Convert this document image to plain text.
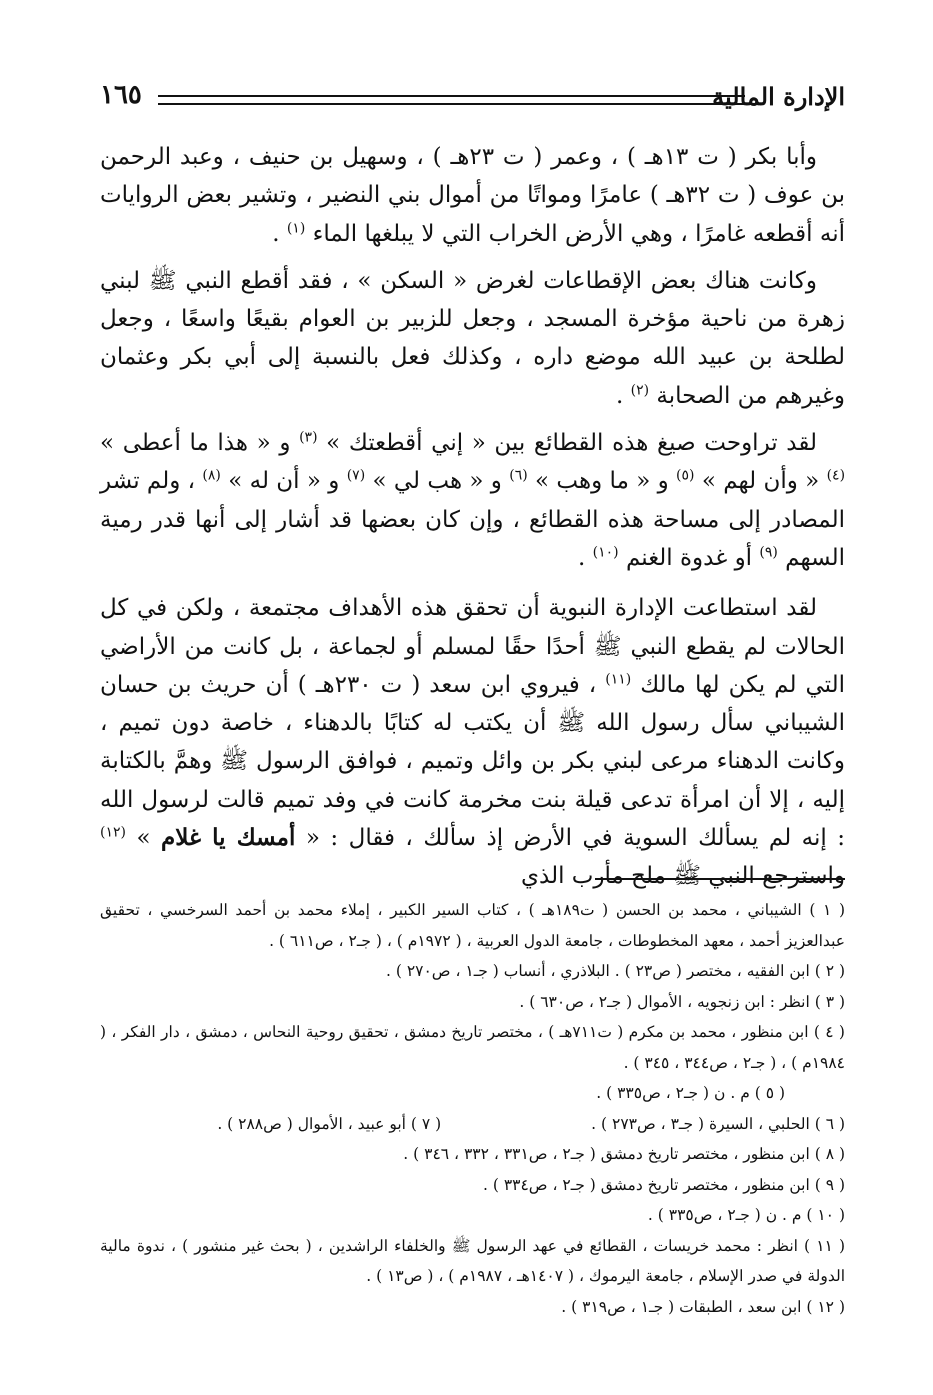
الإدارة المالية
١٦٥

وأبا بكر ( ت ١٣هـ ) ، وعمر ( ت ٢٣هـ ) ، وسهيل بن حنيف ، وعبد الرحمن بن عوف ( ت ٣٢هـ ) عامرًا ومواتًا من أموال بني النضير ، وتشير بعض الروايات أنه أقطعه غامرًا ، وهي الأرض الخراب التي لا يبلغها الماء $^{(١)}$ .

وكانت هناك بعض الإقطاعات لغرض « السكن » ، فقد أقطع النبي ﷺ لبني زهرة من ناحية مؤخرة المسجد ، وجعل للزبير بن العوام بقيعًا واسعًا ، وجعل لطلحة بن عبيد الله موضع داره ، وكذلك فعل بالنسبة إلى أبي بكر وعثمان وغيرهم من الصحابة $^{(٢)}$ .

لقد تراوحت صيغ هذه القطائع بين « إني أقطعتك » $^{(٣)}$ و « هذا ما أعطى » $^{(٤)}$ « وأن لهم » $^{(٥)}$ و « ما وهب » $^{(٦)}$ و « هب لي » $^{(٧)}$ و « أن له » $^{(٨)}$ ، ولم تشر المصادر إلى مساحة هذه القطائع ، وإن كان بعضها قد أشار إلى أنها قدر رمية السهم $^{(٩)}$ أو غدوة الغنم $^{(١٠)}$ .

لقد استطاعت الإدارة النبوية أن تحقق هذه الأهداف مجتمعة ، ولكن في كل الحالات لم يقطع النبي ﷺ أحدًا حقًا لمسلم أو لجماعة ، بل كانت من الأراضي التي لم يكن لها مالك $^{(١١)}$ ، فيروي ابن سعد ( ت ٢٣٠هـ ) أن حريث بن حسان الشيباني سأل رسول الله ﷺ أن يكتب له كتابًا بالدهناء ، خاصة دون تميم ، وكانت الدهناء مرعى لبني بكر بن وائل وتميم ، فوافق الرسول ﷺ وهمَّ بالكتابة إليه ، إلا أن امرأة تدعى قيلة بنت مخرمة كانت في وفد تميم قالت لرسول الله : إنه لم يسألك السوية في الأرض إذ سألك ، فقال : « أمسك يا غلام » $^{(١٢)}$ واسترجع النبي ﷺ ملح مأرب الذي

( ١ ) الشيباني ، محمد بن الحسن ( ت١٨٩هـ ) ، كتاب السير الكبير ، إملاء محمد بن أحمد السرخسي ، تحقيق عبدالعزيز أحمد ، معهد المخطوطات ، جامعة الدول العربية ، ( ١٩٧٢م ) ، ( جـ٢ ، ص٦١١ ) .

( ٢ ) ابن الفقيه ، مختصر ( ص٢٣ ) . البلاذري ، أنساب ( جـ١ ، ص٢٧٠ ) .

( ٣ ) انظر : ابن زنجويه ، الأموال ( جـ٢ ، ص٦٣٠ ) .

( ٤ ) ابن منظور ، محمد بن مكرم ( ت٧١١هـ ) ، مختصر تاريخ دمشق ، تحقيق روحية النحاس ، دمشق ، دار الفكر ، ( ١٩٨٤م ) ، ( جـ٢ ، ص٣٤٤ ، ٣٤٥ ) .

( ٥ ) م . ن ( جـ٢ ، ص٣٣٥ ) .
( ٦ ) الحلبي ، السيرة ( جـ٣ ، ص٢٧٣ ) .
( ٧ ) أبو عبيد ، الأموال ( ص٢٨٨ ) .

( ٨ ) ابن منظور ، مختصر تاريخ دمشق ( جـ٢ ، ص٣٣١ ، ٣٣٢ ، ٣٤٦ ) .

( ٩ ) ابن منظور ، مختصر تاريخ دمشق ( جـ٢ ، ص٣٣٤ ) .

( ١٠ ) م . ن ( جـ٢ ، ص٣٣٥ ) .

( ١١ ) انظر : محمد خريسات ، القطائع في عهد الرسول ﷺ والخلفاء الراشدين ، ( بحث غير منشور ) ، ندوة مالية الدولة في صدر الإسلام ، جامعة اليرموك ، ( ١٤٠٧هـ ، ١٩٨٧م ) ، ( ص١٣ ) .

( ١٢ ) ابن سعد ، الطبقات ( جـ١ ، ص٣١٩ ) .
